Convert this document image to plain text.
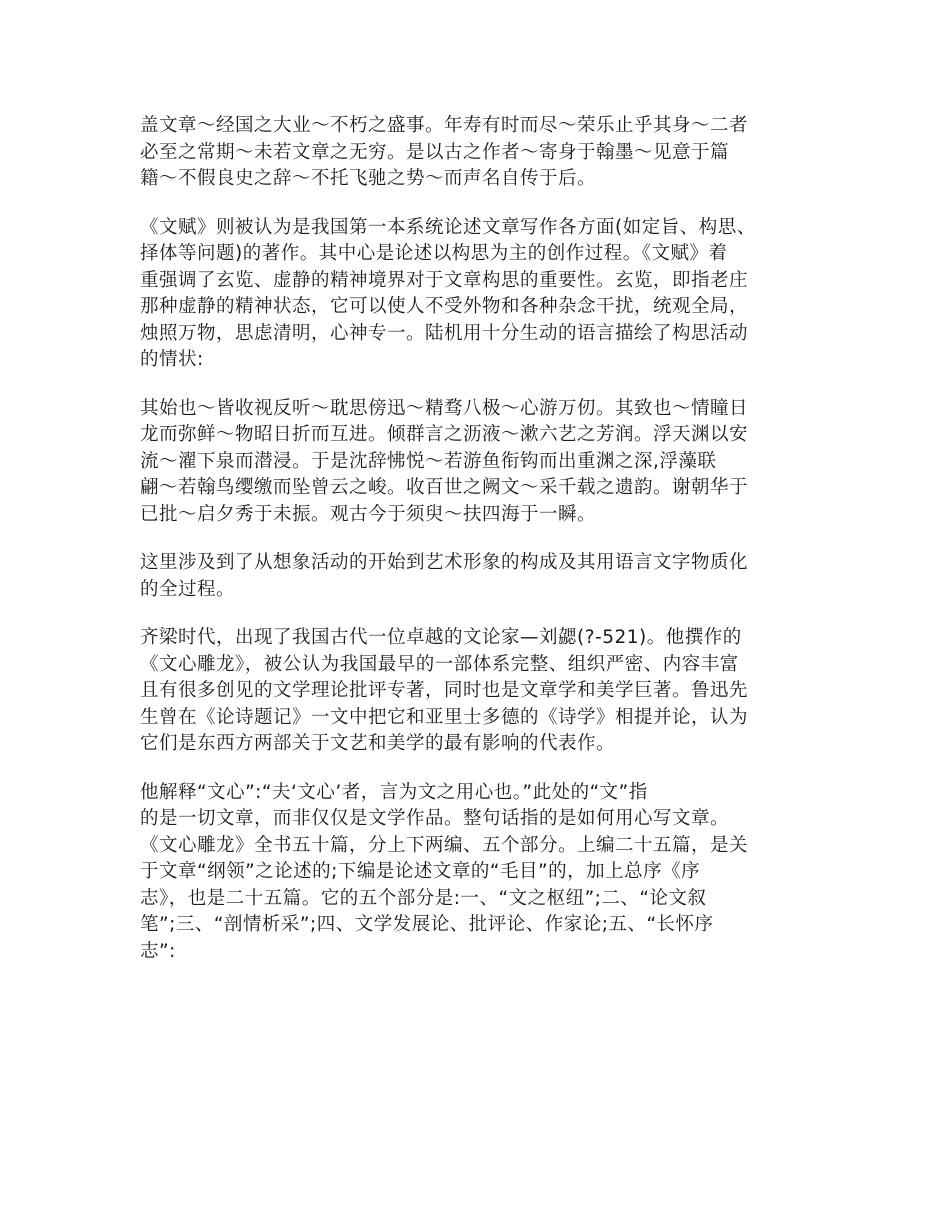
盖文章～经国之大业～不朽之盛事。年寿有时而尽～荣乐止乎其身～二者
必至之常期～未若文章之无穷。是以古之作者～寄身于翰墨～见意于篇
籍～不假良史之辞～不托飞驰之势～而声名自传于后。

《文赋》则被认为是我国第一本系统论述文章写作各方面(如定旨、构思、
择体等问题)的著作。其中心是论述以构思为主的创作过程。《文赋》着
重强调了玄览、虚静的精神境界对于文章构思的重要性。玄览，即指老庄
那种虚静的精神状态，它可以使人不受外物和各种杂念干扰，统观全局，
烛照万物，思虑清明，心神专一。陆机用十分生动的语言描绘了构思活动
的情状:

其始也～皆收视反听～耽思傍迅～精骛八极～心游万仞。其致也～情瞳日
龙而弥鲜～物昭日折而互进。倾群言之沥液～漱六艺之芳润。浮天渊以安
流～濯下泉而潜浸。于是沈辞怫悦～若游鱼衔钩而出重渊之深,浮藻联
翩～若翰鸟缨缴而坠曾云之峻。收百世之阙文～采千载之遗韵。谢朝华于
已批～启夕秀于未振。观古今于须臾～扶四海于一瞬。

这里涉及到了从想象活动的开始到艺术形象的构成及其用语言文字物质化
的全过程。

齐梁时代，出现了我国古代一位卓越的文论家—刘勰(?-521)。他撰作的
《文心雕龙》，被公认为我国最早的一部体系完整、组织严密、内容丰富
且有很多创见的文学理论批评专著，同时也是文章学和美学巨著。鲁迅先
生曾在《论诗题记》一文中把它和亚里士多德的《诗学》相提并论，认为
它们是东西方两部关于文艺和美学的最有影响的代表作。

他解释“文心”:“夫‘文心’者，言为文之用心也。”此处的“文”指
的是一切文章，而非仅仅是文学作品。整句话指的是如何用心写文章。
《文心雕龙》全书五十篇，分上下两编、五个部分。上编二十五篇，是关
于文章“纲领”之论述的;下编是论述文章的“毛目”的，加上总序《序
志》，也是二十五篇。它的五个部分是:一、“文之枢纽”;二、“论文叙
笔”;三、“剖情析采”;四、文学发展论、批评论、作家论;五、“长怀序
志”:
